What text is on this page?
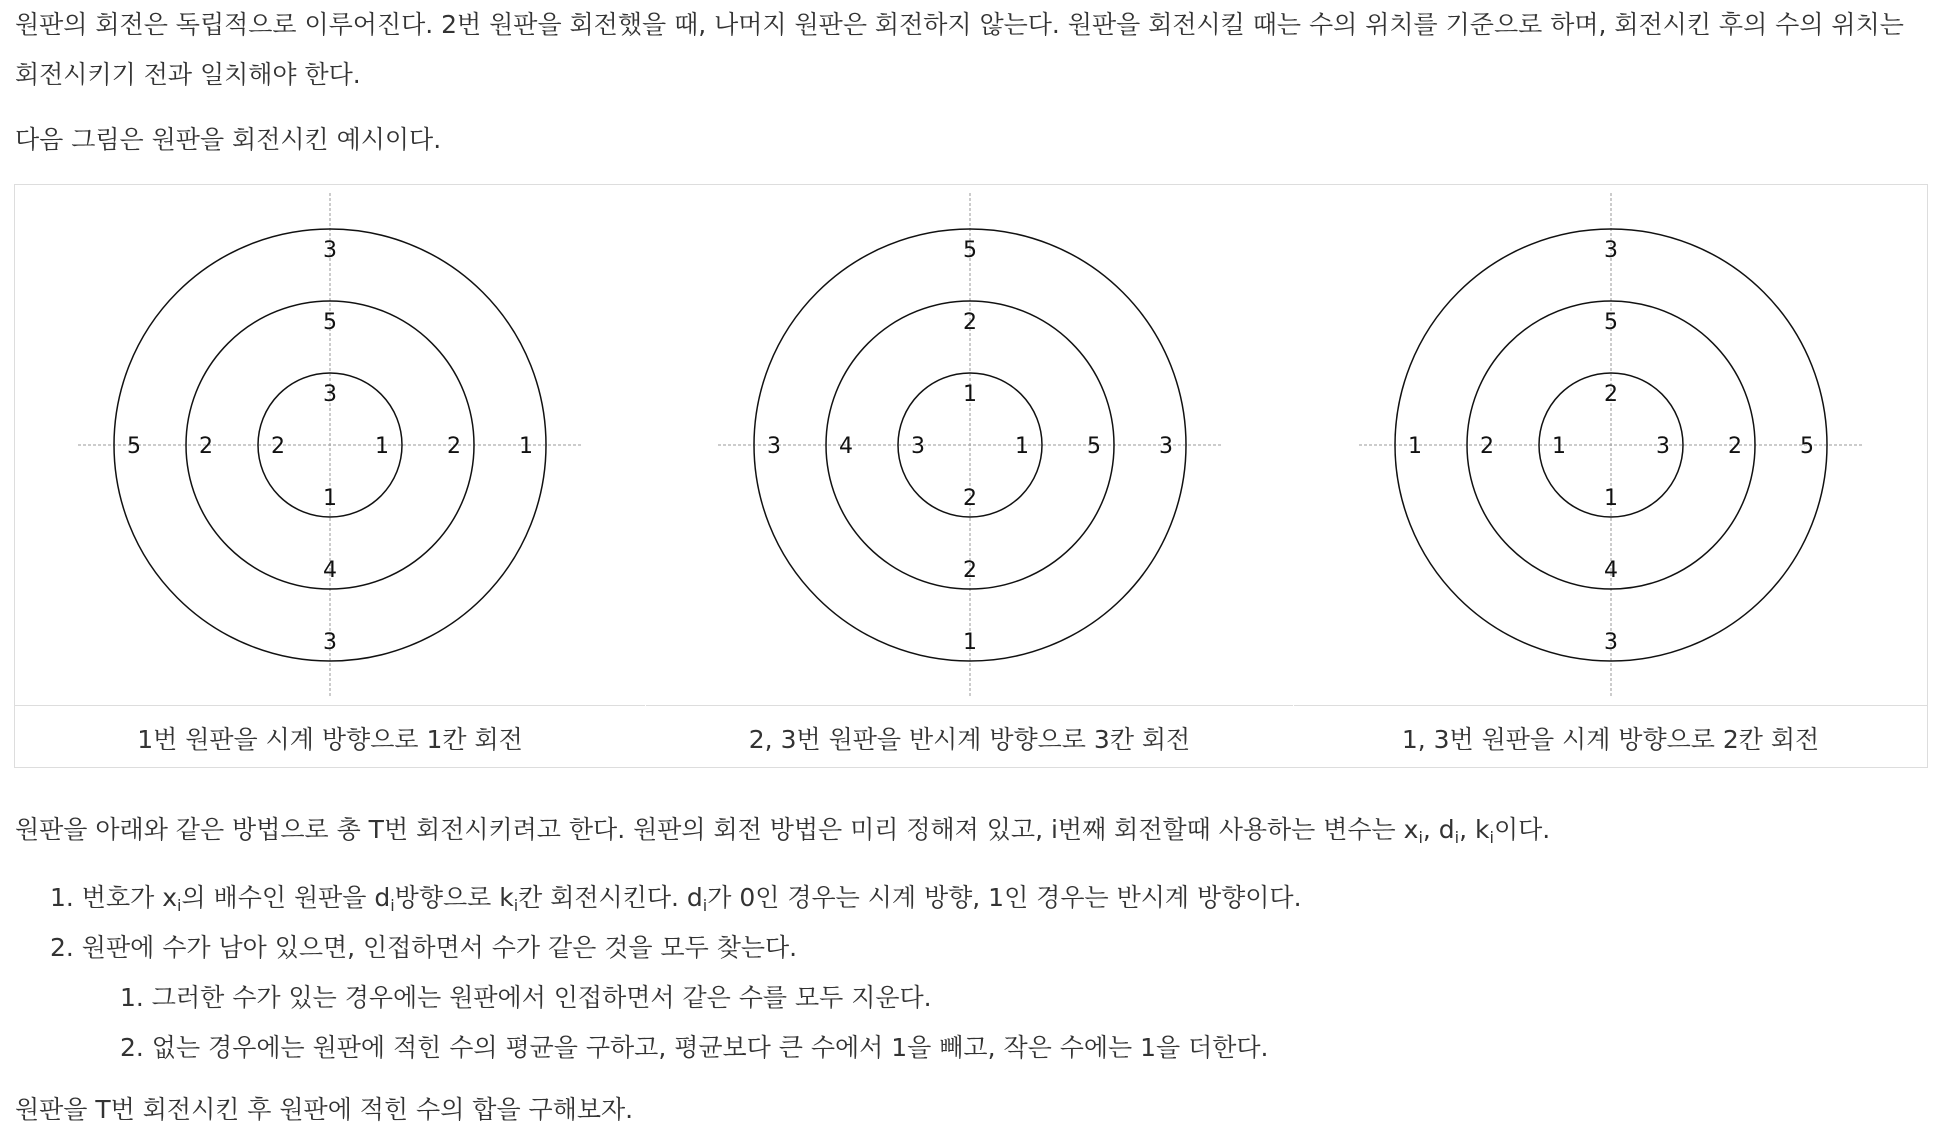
원판의 회전은 독립적으로 이루어진다. 2번 원판을 회전했을 때, 나머지 원판은 회전하지 않는다. 원판을 회전시킬 때는 수의 위치를 기준으로 하며, 회전시킨 후의 수의 위치는 회전시키기 전과 일치해야 한다.

다음 그림은 원판을 회전시킨 예시이다.

3
1
1
2
5
2
4
2
3
1
3
5
1번 원판을 시계 방향으로 1칸 회전
1
1
2
3
2
5
2
4
5
3
1
3
2, 3번 원판을 반시계 방향으로 3칸 회전
2
3
1
1
5
2
4
2
3
5
3
1
1, 3번 원판을 시계 방향으로 2칸 회전

원판을 아래와 같은 방법으로 총 T번 회전시키려고 한다. 원판의 회전 방법은 미리 정해져 있고, i번째 회전할때 사용하는 변수는 $x_i$, $d_i$, $k_i$이다.

1. 번호가 $x_i$의 배수인 원판을 $d_i$방향으로 $k_i$칸 회전시킨다. $d_i$가 0인 경우는 시계 방향, 1인 경우는 반시계 방향이다.
2. 원판에 수가 남아 있으면, 인접하면서 수가 같은 것을 모두 찾는다.
1. 그러한 수가 있는 경우에는 원판에서 인접하면서 같은 수를 모두 지운다.
2. 없는 경우에는 원판에 적힌 수의 평균을 구하고, 평균보다 큰 수에서 1을 빼고, 작은 수에는 1을 더한다.

원판을 T번 회전시킨 후 원판에 적힌 수의 합을 구해보자.
